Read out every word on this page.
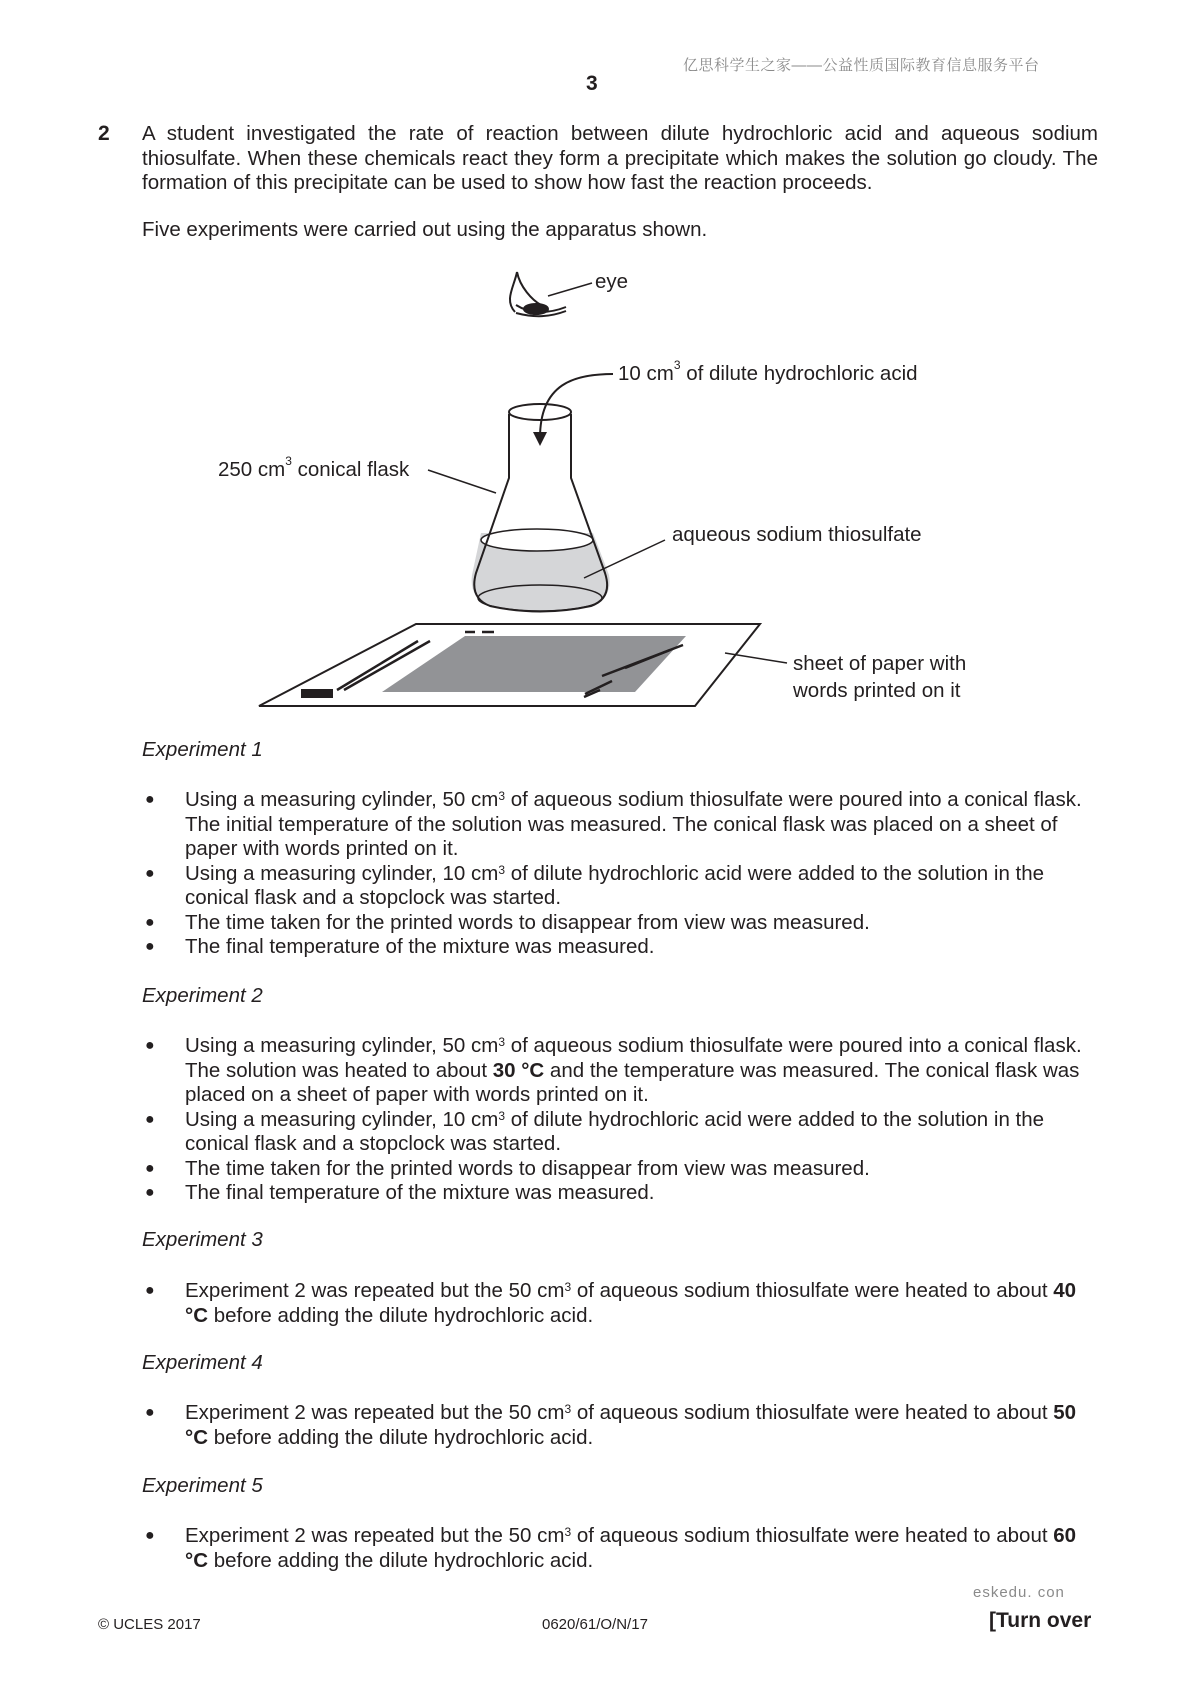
亿思科学生之家——公益性质国际教育信息服务平台
3
2 A student investigated the rate of reaction between dilute hydrochloric acid and aqueous sodium thiosulfate. When these chemicals react they form a precipitate which makes the solution go cloudy. The formation of this precipitate can be used to show how fast the reaction proceeds.
Five experiments were carried out using the apparatus shown.
eye
10 $cm^3$ of dilute hydrochloric acid
250 $cm^3$ conical flask
aqueous sodium thiosulfate
sheet of paper with
words printed on it
Experiment 1
● Using a measuring cylinder, 50 $cm^3$ of aqueous sodium thiosulfate were poured into a conical flask. The initial temperature of the solution was measured. The conical flask was placed on a sheet of paper with words printed on it.
● Using a measuring cylinder, 10 $cm^3$ of dilute hydrochloric acid were added to the solution in the conical flask and a stopclock was started.
● The time taken for the printed words to disappear from view was measured.
● The final temperature of the mixture was measured.
Experiment 2
● Using a measuring cylinder, 50 $cm^3$ of aqueous sodium thiosulfate were poured into a conical flask. The solution was heated to about 30 °C and the temperature was measured. The conical flask was placed on a sheet of paper with words printed on it.
● Using a measuring cylinder, 10 $cm^3$ of dilute hydrochloric acid were added to the solution in the conical flask and a stopclock was started.
● The time taken for the printed words to disappear from view was measured.
● The final temperature of the mixture was measured.
Experiment 3
● Experiment 2 was repeated but the 50 $cm^3$ of aqueous sodium thiosulfate were heated to about 40 °C before adding the dilute hydrochloric acid.
Experiment 4
● Experiment 2 was repeated but the 50 $cm^3$ of aqueous sodium thiosulfate were heated to about 50 °C before adding the dilute hydrochloric acid.
Experiment 5
● Experiment 2 was repeated but the 50 $cm^3$ of aqueous sodium thiosulfate were heated to about 60 °C before adding the dilute hydrochloric acid.
eskedu. con
© UCLES 2017	0620/61/O/N/17	[Turn over
